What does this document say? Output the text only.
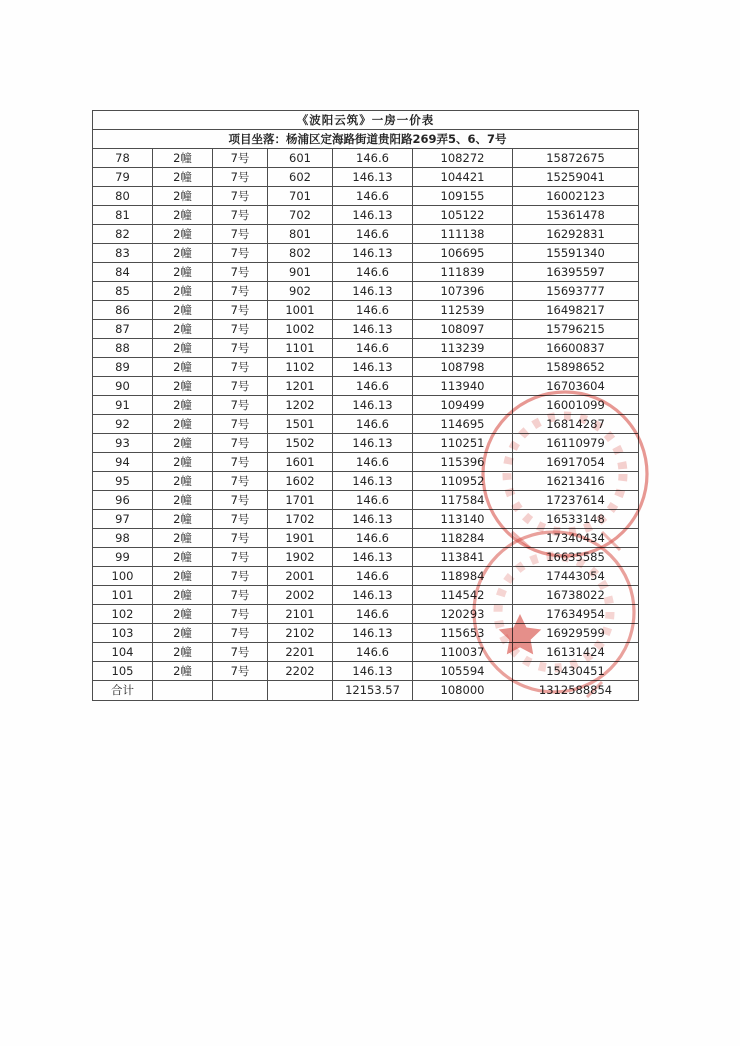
《波阳云筑》一房一价表						
项目坐落：杨浦区定海路街道贵阳路269弄5、6、7号						
78	2幢	7号	601	146.6	108272	15872675
79	2幢	7号	602	146.13	104421	15259041
80	2幢	7号	701	146.6	109155	16002123
81	2幢	7号	702	146.13	105122	15361478
82	2幢	7号	801	146.6	111138	16292831
83	2幢	7号	802	146.13	106695	15591340
84	2幢	7号	901	146.6	111839	16395597
85	2幢	7号	902	146.13	107396	15693777
86	2幢	7号	1001	146.6	112539	16498217
87	2幢	7号	1002	146.13	108097	15796215
88	2幢	7号	1101	146.6	113239	16600837
89	2幢	7号	1102	146.13	108798	15898652
90	2幢	7号	1201	146.6	113940	16703604
91	2幢	7号	1202	146.13	109499	16001099
92	2幢	7号	1501	146.6	114695	16814287
93	2幢	7号	1502	146.13	110251	16110979
94	2幢	7号	1601	146.6	115396	16917054
95	2幢	7号	1602	146.13	110952	16213416
96	2幢	7号	1701	146.6	117584	17237614
97	2幢	7号	1702	146.13	113140	16533148
98	2幢	7号	1901	146.6	118284	17340434
99	2幢	7号	1902	146.13	113841	16635585
100	2幢	7号	2001	146.6	118984	17443054
101	2幢	7号	2002	146.13	114542	16738022
102	2幢	7号	2101	146.6	120293	17634954
103	2幢	7号	2102	146.13	115653	16929599
104	2幢	7号	2201	146.6	110037	16131424
105	2幢	7号	2202	146.13	105594	15430451
合计				12153.57	108000	1312588854
